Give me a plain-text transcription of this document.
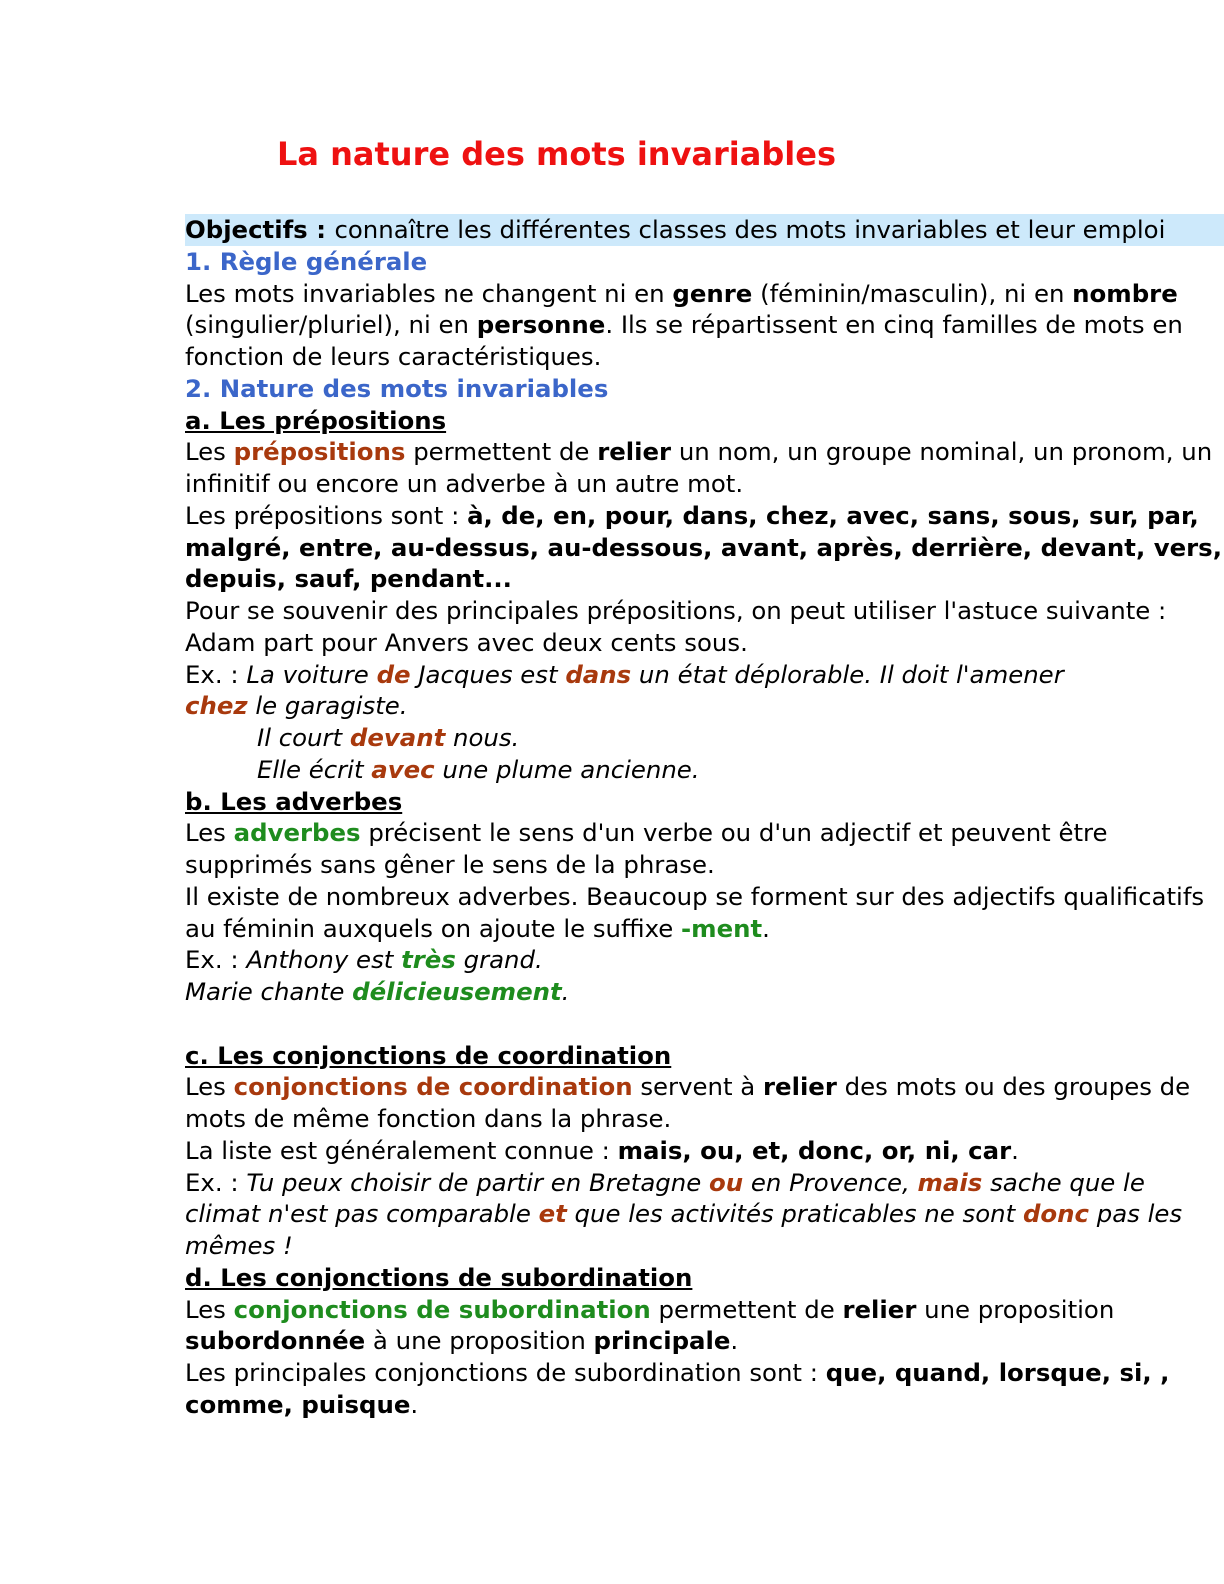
La nature des mots invariables
Objectifs : connaître les différentes classes des mots invariables et leur emploi
1. Règle générale
Les mots invariables ne changent ni en genre (féminin/masculin), ni en nombre
(singulier/pluriel), ni en personne. Ils se répartissent en cinq familles de mots en
fonction de leurs caractéristiques.
2. Nature des mots invariables
a. Les prépositions
Les prépositions permettent de relier un nom, un groupe nominal, un pronom, un
infinitif ou encore un adverbe à un autre mot.
Les prépositions sont : à, de, en, pour, dans, chez, avec, sans, sous, sur, par,
malgré, entre, au-dessus, au-dessous, avant, après, derrière, devant, vers,
depuis, sauf, pendant...
Pour se souvenir des principales prépositions, on peut utiliser l'astuce suivante :
Adam part pour Anvers avec deux cents sous.
Ex. : La voiture de Jacques est dans un état déplorable. Il doit l'amener
chez le garagiste.
Il court devant nous.
Elle écrit avec une plume ancienne.
b. Les adverbes
Les adverbes précisent le sens d'un verbe ou d'un adjectif et peuvent être
supprimés sans gêner le sens de la phrase.
Il existe de nombreux adverbes. Beaucoup se forment sur des adjectifs qualificatifs
au féminin auxquels on ajoute le suffixe -ment.
Ex. : Anthony est très grand.
Marie chante délicieusement.
c. Les conjonctions de coordination
Les conjonctions de coordination servent à relier des mots ou des groupes de
mots de même fonction dans la phrase.
La liste est généralement connue : mais, ou, et, donc, or, ni, car.
Ex. : Tu peux choisir de partir en Bretagne ou en Provence, mais sache que le
climat n'est pas comparable et que les activités praticables ne sont donc pas les
mêmes !
d. Les conjonctions de subordination
Les conjonctions de subordination permettent de relier une proposition
subordonnée à une proposition principale.
Les principales conjonctions de subordination sont : que, quand, lorsque, si, ,
comme, puisque.
